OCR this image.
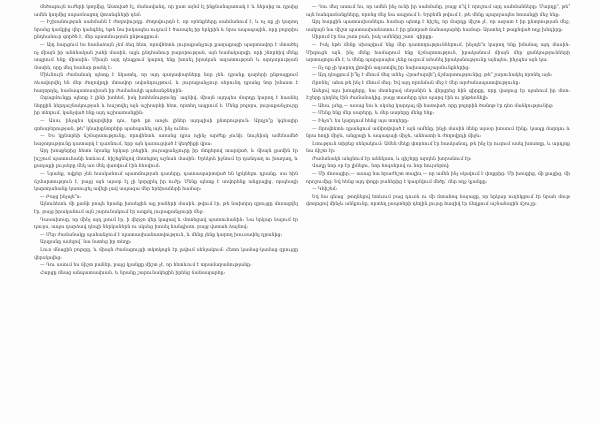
մեծագույն ուժերի կողմից, Աստված էլ, մանավանդ, որ ըստ այնմ էլ ինքնանպատակ է և ներսից ու դրսից ամեն կողմից սպառնացող վտանգների դեմ։

— Իշխանության սահմանն է ժողովուրդը. ժողովուրդն է, որ օրենքները սահմանում է, և ոչ ոք չի կարող նրանց կամքից վեր կանգնել, եթե նա իսկապես ուզում է ծառայել իր երկրին և նրա ապագային, որը բոլորիս ընդհանուր գործն է, մեր պատմության ընթացքում։

— Այդ հարցում ես համաձայն չեմ ձեզ հետ, որովհետև յուրաքանչյուր քաղաքացի պարտավոր է մտածել ոչ միայն իր անձնական շահի մասին, այլև ընդհանուր բարօրության, այն համակարգի, որի շնորհիվ մենք ապրում ենք միասին։ Միայն այդ դեպքում կարող ենք խոսել իրական ազատության և արդարության մասին, որը մեզ համար թանկ է։

Միևնույն ժամանակ պետք է նկատել, որ այդ գաղափարները նոր չեն. դրանք դարերի ընթացքում ձևավորվել են մեր ժողովրդի մտավոր ավանդույթում, և յուրաքանչյուր սերունդ դրանց նոր իմաստ է հաղորդել, համապատասխան իր ժամանակի պահանջներին։

Զգացմունքը պետք է լինի խոհեմ, իսկ խոհեմությունը՝ ազնիվ. միայն այդպես մարդը կարող է հասնել ներքին ներդաշնակության և հաշտվել այն աշխարհի հետ, որտեղ ապրում է։ Մենք բոլորս, յուրաքանչյուրը իր տեղում, կանչված ենք այդ աշխատանքին։

— Ասա, ինչպես կվարվեիր դու, եթե քո առջև լիներ այդպիսի ընտրություն։ Արդյո՞ք կգնայիր զոհաբերության, թե՞ կնախընտրեիր պահպանել այն, ինչ ունես։

— Ես կընտրեի ճշմարտությունը, որովհետև առանց դրա ոչինչ արժեք չունի. նույնիսկ ամենամեծ հաջողությունը դատարկ է դառնում, երբ այն կառուցված է կեղծիքի վրա։

Այդ խոսքերից հետո նրանք երկար լռեցին, յուրաքանչյուրը իր մտքերով տարված, և միայն քամին էր խշշում պատուհանի ետևում, հիշեցնելով մոտեցող աշնան մասին։ Երեկոն իջնում էր դանդաղ ու խաղաղ, և քաղաքի լույսերը մեկ առ մեկ վառվում էին հեռվում։

— Նրանք, ովքեր չեն հասկանում պատմության դասերը, դատապարտված են կրկնելու դրանք. սա հին ճշմարտություն է, բայց այն այսօր էլ չի կորցրել իր ուժը։ Մենք պետք է սովորենք անցյալից, որպեսզի կարողանանք կառուցել ավելի լավ ապագա մեր երեխաների համար։

— Բայց ինչպե՞ս։

Այնուհետև մի քանի րոպե նրանք խոսեցին այլ բաների մասին, թվում էր, թե նախորդ զրույցը մոռացվել էր, բայց իրականում այն շարունակում էր ապրել յուրաքանչյուրի մեջ։

Դասախոսը, որ մինչ այդ լռում էր, ի վերջո վեր կացավ և մոտեցավ պատուհանին։ Նա երկար նայում էր դուրս, ապա դարձավ դեպի ներկաներն ու սկսեց խոսել հանգիստ, բայց վստահ ձայնով։

— Մեր ժամանակը պահանջում է պատասխանատվություն, և մենք չենք կարող խուսափել դրանից։

Այսքանը ասելով՝ նա նստեց իր տեղը։

Լուռ մնացին բոլորը, և միայն ժամացույցի տկտկոցն էր լսվում սենյակում։ Հետո կամաց-կամաց զրույցը վերսկսվեց։

— Դու ասում ես ճիշտ բաներ, բայց կյանքը միշտ չէ, որ հետևում է տրամաբանությանը։

Հարցը մնաց անպատասխան, և նրանք շարունակեցին իրենց ճանապարհը։

— Դու մեզ ասում ես, որ ամեն ինչ ունի իր սահմանը, բայց ո՞վ է որոշում այդ սահմանները։ Մարդը՞, թե՞ այն հանգամանքները, որոնց մեջ նա ապրում է։ Երբեմն թվում է, թե մենք պարզապես հոսանքի մեջ ենք։

Այդ հարցին պատասխանելու համար պետք է հիշել, որ մարդը միշտ չէ, որ ազատ է իր ընտրության մեջ, սակայն նա միշտ պատասխանատու է իր ընտրած ճանապարհի համար։ Այստեղ է թաքնված ողջ խնդիրը։

Սիրում էր նա շատ բան, իսկ ամենից շատ՝ գիրքը։

— Իսկ եթե մենք սխալվում ենք մեր դատողություններում, ինչպե՞ս կարող ենք իմանալ այդ մասին։ Միգուցե այն, ինչ մենք համարում ենք ճշմարտություն, իրականում միայն մեր ցանկությունների արտացոլումն է, և մենք պարզապես չենք ուզում տեսնել իրականությունը այնպես, ինչպես այն կա։

— Ոչ ոք չի կարող լիովին ազատվել իր նախապաշարմունքներից։

— Այդ դեպքում ի՞նչ է մնում մեզ անել։ Հրաժարվե՞լ ճշմարտությունից, թե՞ շարունակել որոնել այն։

Որոնել՝ ահա թե ինչ է մնում մեզ։ Եվ այդ որոնման մեջ է մեր արժանապատվությունը։

Ասելով այս խոսքերը, նա մոտեցավ սեղանին և վերցրեց հին գիրքը, որը վաղուց էր պահում իր մոտ։ Էջերը դեղնել էին ժամանակից, բայց տառերը դեռ պարզ էին ու ընթեռնելի։

— Ահա, լսեք,— ասաց նա և սկսեց կարդալ մի հատված, որը բոլորին ծանոթ էր դեռ մանկությունից։

— Մենք ենք մեր սարերը, և մեր սարերը մենք ենք։

— Ինչո՞ւ ես կարդում հենց այս տողերը։

— Որովհետև դրանցում ամփոփված է այն ամենը, ինչի մասին մենք այսօր խոսում էինք. կապը մարդու և նրա հողի միջև, անցյալի և ապագայի միջև, անհատի և ժողովրդի միջև։

Լռություն տիրեց սենյակում։ Ամեն մեկը փորձում էր հասկանալ, թե ինչ էր ուզում ասել խոսողը, և արդյոք նա ճիշտ էր։

Ժամանակն անցնում էր աննկատ, և գիշերը արդեն խորանում էր։

Վաղը նոր օր էր լինելու, նոր հոգսերով ու նոր հույսերով։

— Մի մոռացիր,— ասաց նա հրաժեշտ տալիս,— որ ամեն ինչ սկսվում է փոքրից։ Մի խոսքից, մի քայլից, մի որոշումից։ Եվ հենց այդ փոքր բաներից է կազմվում մեծը՝ մեր ողջ կյանքը։

— Կհիշեմ։

Եվ նա գնաց՝ թողնելով ետևում բաց դուռն ու մի մտահոգ հայացք, որ երկար ուղեկցում էր նրան մութ փողոցով մինչև անկյունը, որտեղ լապտերի դեղին լույսը հազիվ էր ճեղքում աշնանային մշուշը։
